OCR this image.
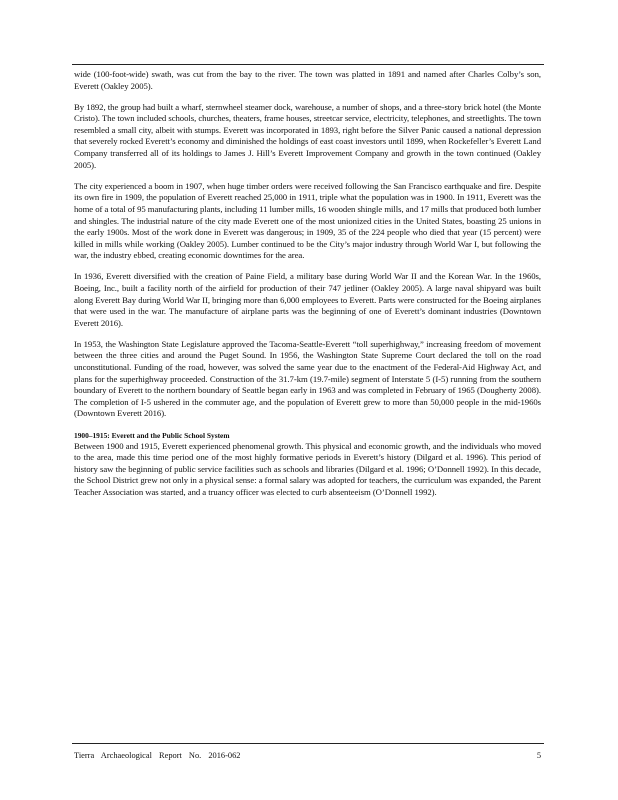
wide (100-foot-wide) swath, was cut from the bay to the river. The town was platted in 1891 and named after Charles Colby’s son, Everett (Oakley 2005).

By 1892, the group had built a wharf, sternwheel steamer dock, warehouse, a number of shops, and a three-story brick hotel (the Monte Cristo). The town included schools, churches, theaters, frame houses, streetcar service, electricity, telephones, and streetlights. The town resembled a small city, albeit with stumps. Everett was incorporated in 1893, right before the Silver Panic caused a national depression that severely rocked Everett’s economy and diminished the holdings of east coast investors until 1899, when Rockefeller’s Everett Land Company transferred all of its holdings to James J. Hill’s Everett Improvement Company and growth in the town continued (Oakley 2005).

The city experienced a boom in 1907, when huge timber orders were received following the San Francisco earthquake and fire. Despite its own fire in 1909, the population of Everett reached 25,000 in 1911, triple what the population was in 1900. In 1911, Everett was the home of a total of 95 manufacturing plants, including 11 lumber mills, 16 wooden shingle mills, and 17 mills that produced both lumber and shingles. The industrial nature of the city made Everett one of the most unionized cities in the United States, boasting 25 unions in the early 1900s. Most of the work done in Everett was dangerous; in 1909, 35 of the 224 people who died that year (15 percent) were killed in mills while working (Oakley 2005). Lumber continued to be the City’s major industry through World War I, but following the war, the industry ebbed, creating economic downtimes for the area.

In 1936, Everett diversified with the creation of Paine Field, a military base during World War II and the Korean War. In the 1960s, Boeing, Inc., built a facility north of the airfield for production of their 747 jetliner (Oakley 2005). A large naval shipyard was built along Everett Bay during World War II, bringing more than 6,000 employees to Everett. Parts were constructed for the Boeing airplanes that were used in the war. The manufacture of airplane parts was the beginning of one of Everett’s dominant industries (Downtown Everett 2016).

In 1953, the Washington State Legislature approved the Tacoma-Seattle-Everett “toll superhighway,” increasing freedom of movement between the three cities and around the Puget Sound. In 1956, the Washington State Supreme Court declared the toll on the road unconstitutional. Funding of the road, however, was solved the same year due to the enactment of the Federal-Aid Highway Act, and plans for the superhighway proceeded. Construction of the 31.7-km (19.7-mile) segment of Interstate 5 (I-5) running from the southern boundary of Everett to the northern boundary of Seattle began early in 1963 and was completed in February of 1965 (Dougherty 2008). The completion of I-5 ushered in the commuter age, and the population of Everett grew to more than 50,000 people in the mid-1960s (Downtown Everett 2016).

1900–1915: Everett and the Public School System

Between 1900 and 1915, Everett experienced phenomenal growth. This physical and economic growth, and the individuals who moved to the area, made this time period one of the most highly formative periods in Everett’s history (Dilgard et al. 1996). This period of history saw the beginning of public service facilities such as schools and libraries (Dilgard et al. 1996; O’Donnell 1992). In this decade, the School District grew not only in a physical sense: a formal salary was adopted for teachers, the curriculum was expanded, the Parent Teacher Association was started, and a truancy officer was elected to curb absenteeism (O’Donnell 1992).

Tierra Archaeological Report No. 2016-062	5
